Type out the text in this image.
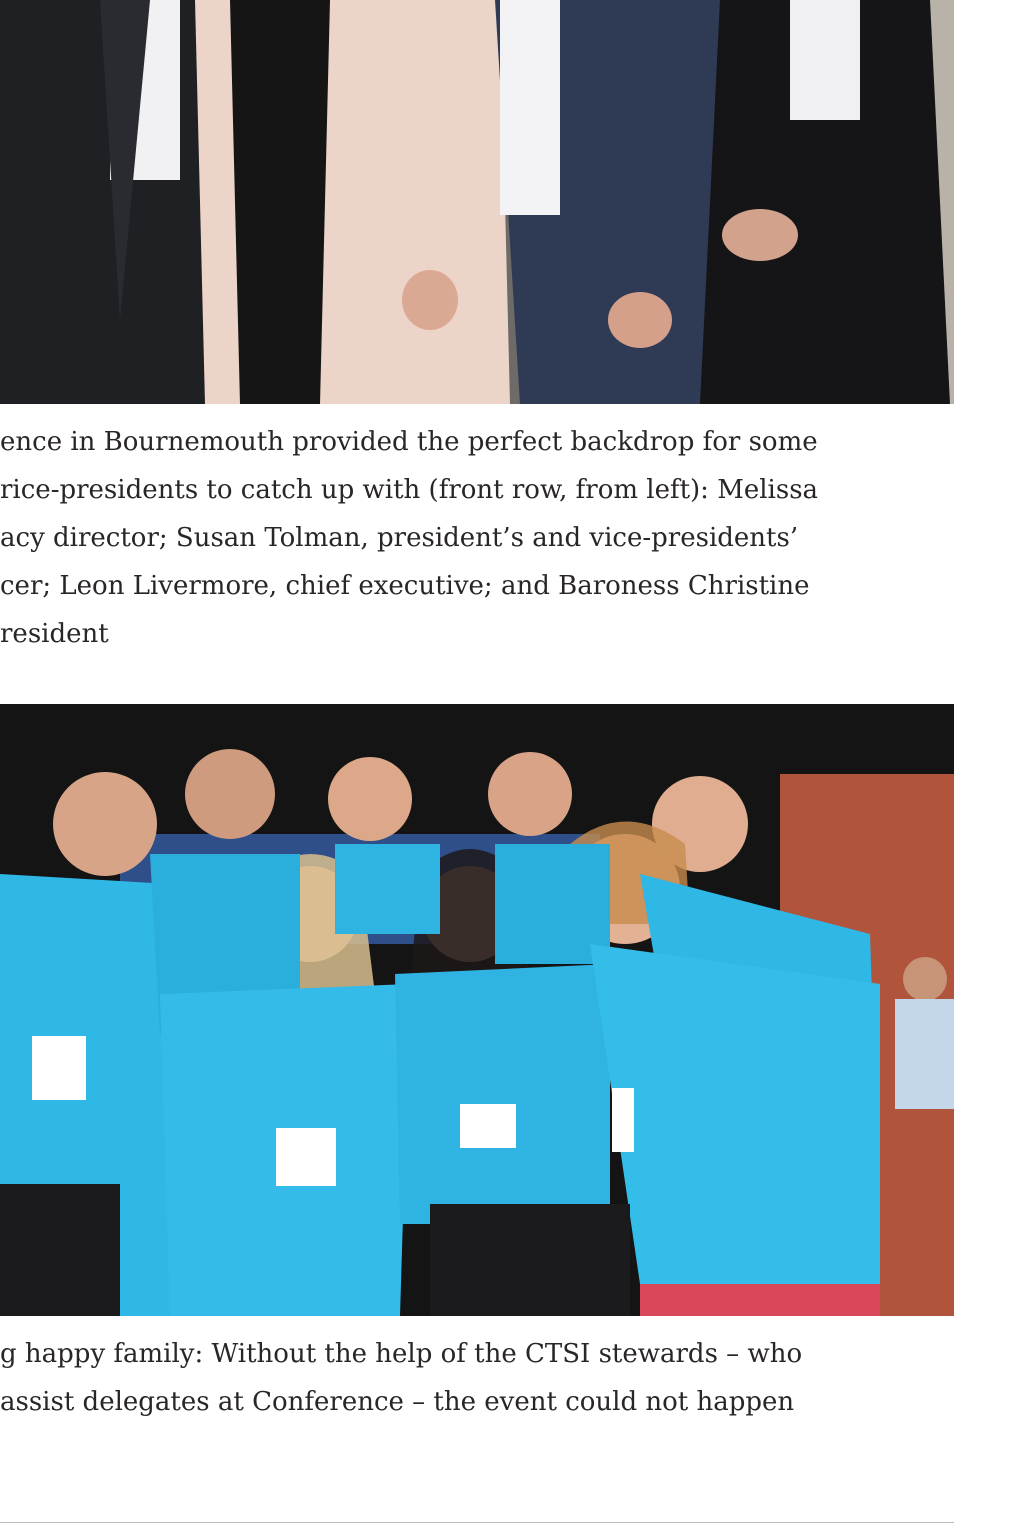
ence in Bournemouth provided the perfect backdrop for some
rice-presidents to catch up with (front row, from left): Melissa
acy director; Susan Tolman, president’s and vice-presidents’
cer; Leon Livermore, chief executive; and Baroness Christine
resident

g happy family: Without the help of the CTSI stewards – who
assist delegates at Conference – the event could not happen
